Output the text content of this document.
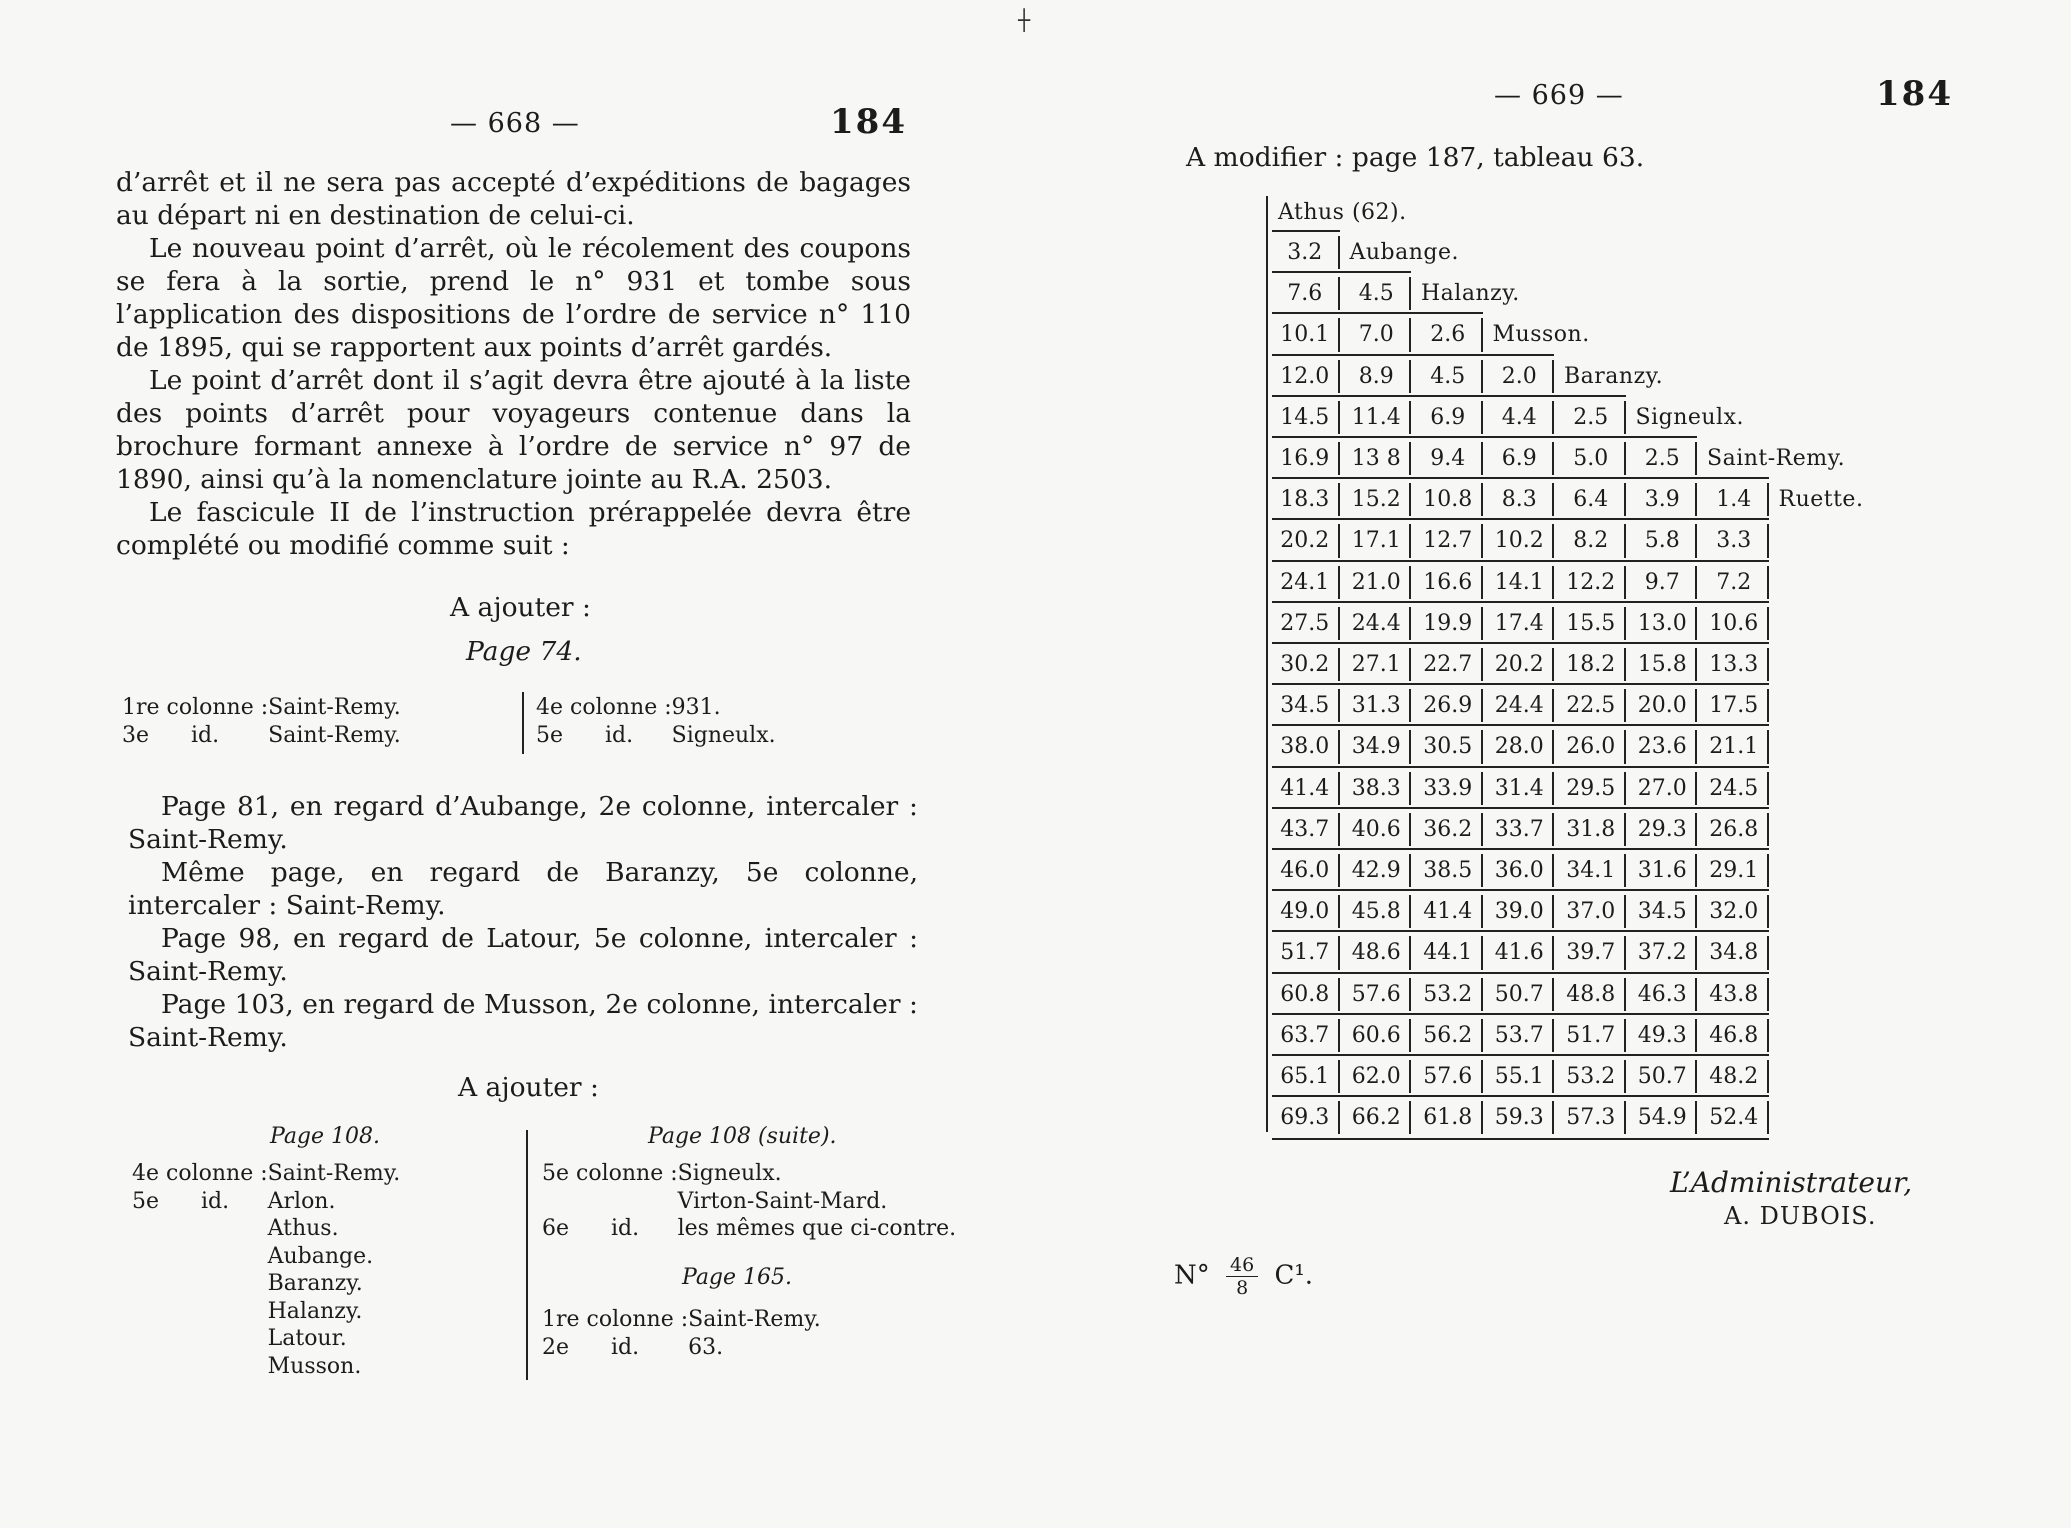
— 668 —	184

d’arrêt et il ne sera pas accepté d’expéditions de bagages au départ ni en destination de celui-ci.

Le nouveau point d’arrêt, où le récolement des coupons se fera à la sortie, prend le n° 931 et tombe sous l’application des dispositions de l’ordre de service n° 110 de 1895, qui se rapportent aux points d’arrêt gardés.

Le point d’arrêt dont il s’agit devra être ajouté à la liste des points d’arrêt pour voyageurs contenue dans la brochure formant annexe à l’ordre de service n° 97 de 1890, ainsi qu’à la nomenclature jointe au R.A. 2503.

Le fascicule II de l’instruction prérappelée devra être complété ou modifié comme suit :

A ajouter :
Page 74.
1re colonne :	Saint-Remy.
3e      id.	Saint-Remy.
4e colonne :	931.
5e      id.	Signeulx.

Page 81, en regard d’Aubange, 2e colonne, intercaler : Saint-Remy.

Même page, en regard de Baranzy, 5e colonne, intercaler : Saint-Remy.

Page 98, en regard de Latour, 5e colonne, intercaler : Saint-Remy.

Page 103, en regard de Musson, 2e colonne, intercaler : Saint-Remy.

A ajouter :
Page 108.
4e colonne :	Saint-Remy.
5e      id.	Arlon.
	Athus.
	Aubange.
	Baranzy.
	Halanzy.
	Latour.
	Musson.
Page 108 (suite).
5e colonne :	Signeulx.
	Virton-Saint-Mard.
6e      id.	les mêmes que ci-contre.
Page 165.
1re colonne :	Saint-Remy.
2e      id.	63.
┼
— 669 —	184
A modifier : page 187, tableau 63.
L’Administrateur,
A. DUBOIS.
$N^\circ \frac{46}{8} C^1$.
Athus (62).
3.2	Aubange.
7.6	4.5	Halanzy.
10.1	7.0	2.6	Musson.
12.0	8.9	4.5	2.0	Baranzy.
14.5	11.4	6.9	4.4	2.5	Signeulx.
16.9	13 8	9.4	6.9	5.0	2.5	Saint-Remy.
18.3	15.2	10.8	8.3	6.4	3.9	1.4	Ruette.
20.2	17.1	12.7	10.2	8.2	5.8	3.3
24.1	21.0	16.6	14.1	12.2	9.7	7.2
27.5	24.4	19.9	17.4	15.5	13.0	10.6
30.2	27.1	22.7	20.2	18.2	15.8	13.3
34.5	31.3	26.9	24.4	22.5	20.0	17.5
38.0	34.9	30.5	28.0	26.0	23.6	21.1
41.4	38.3	33.9	31.4	29.5	27.0	24.5
43.7	40.6	36.2	33.7	31.8	29.3	26.8
46.0	42.9	38.5	36.0	34.1	31.6	29.1
49.0	45.8	41.4	39.0	37.0	34.5	32.0
51.7	48.6	44.1	41.6	39.7	37.2	34.8
60.8	57.6	53.2	50.7	48.8	46.3	43.8
63.7	60.6	56.2	53.7	51.7	49.3	46.8
65.1	62.0	57.6	55.1	53.2	50.7	48.2
69.3	66.2	61.8	59.3	57.3	54.9	52.4
